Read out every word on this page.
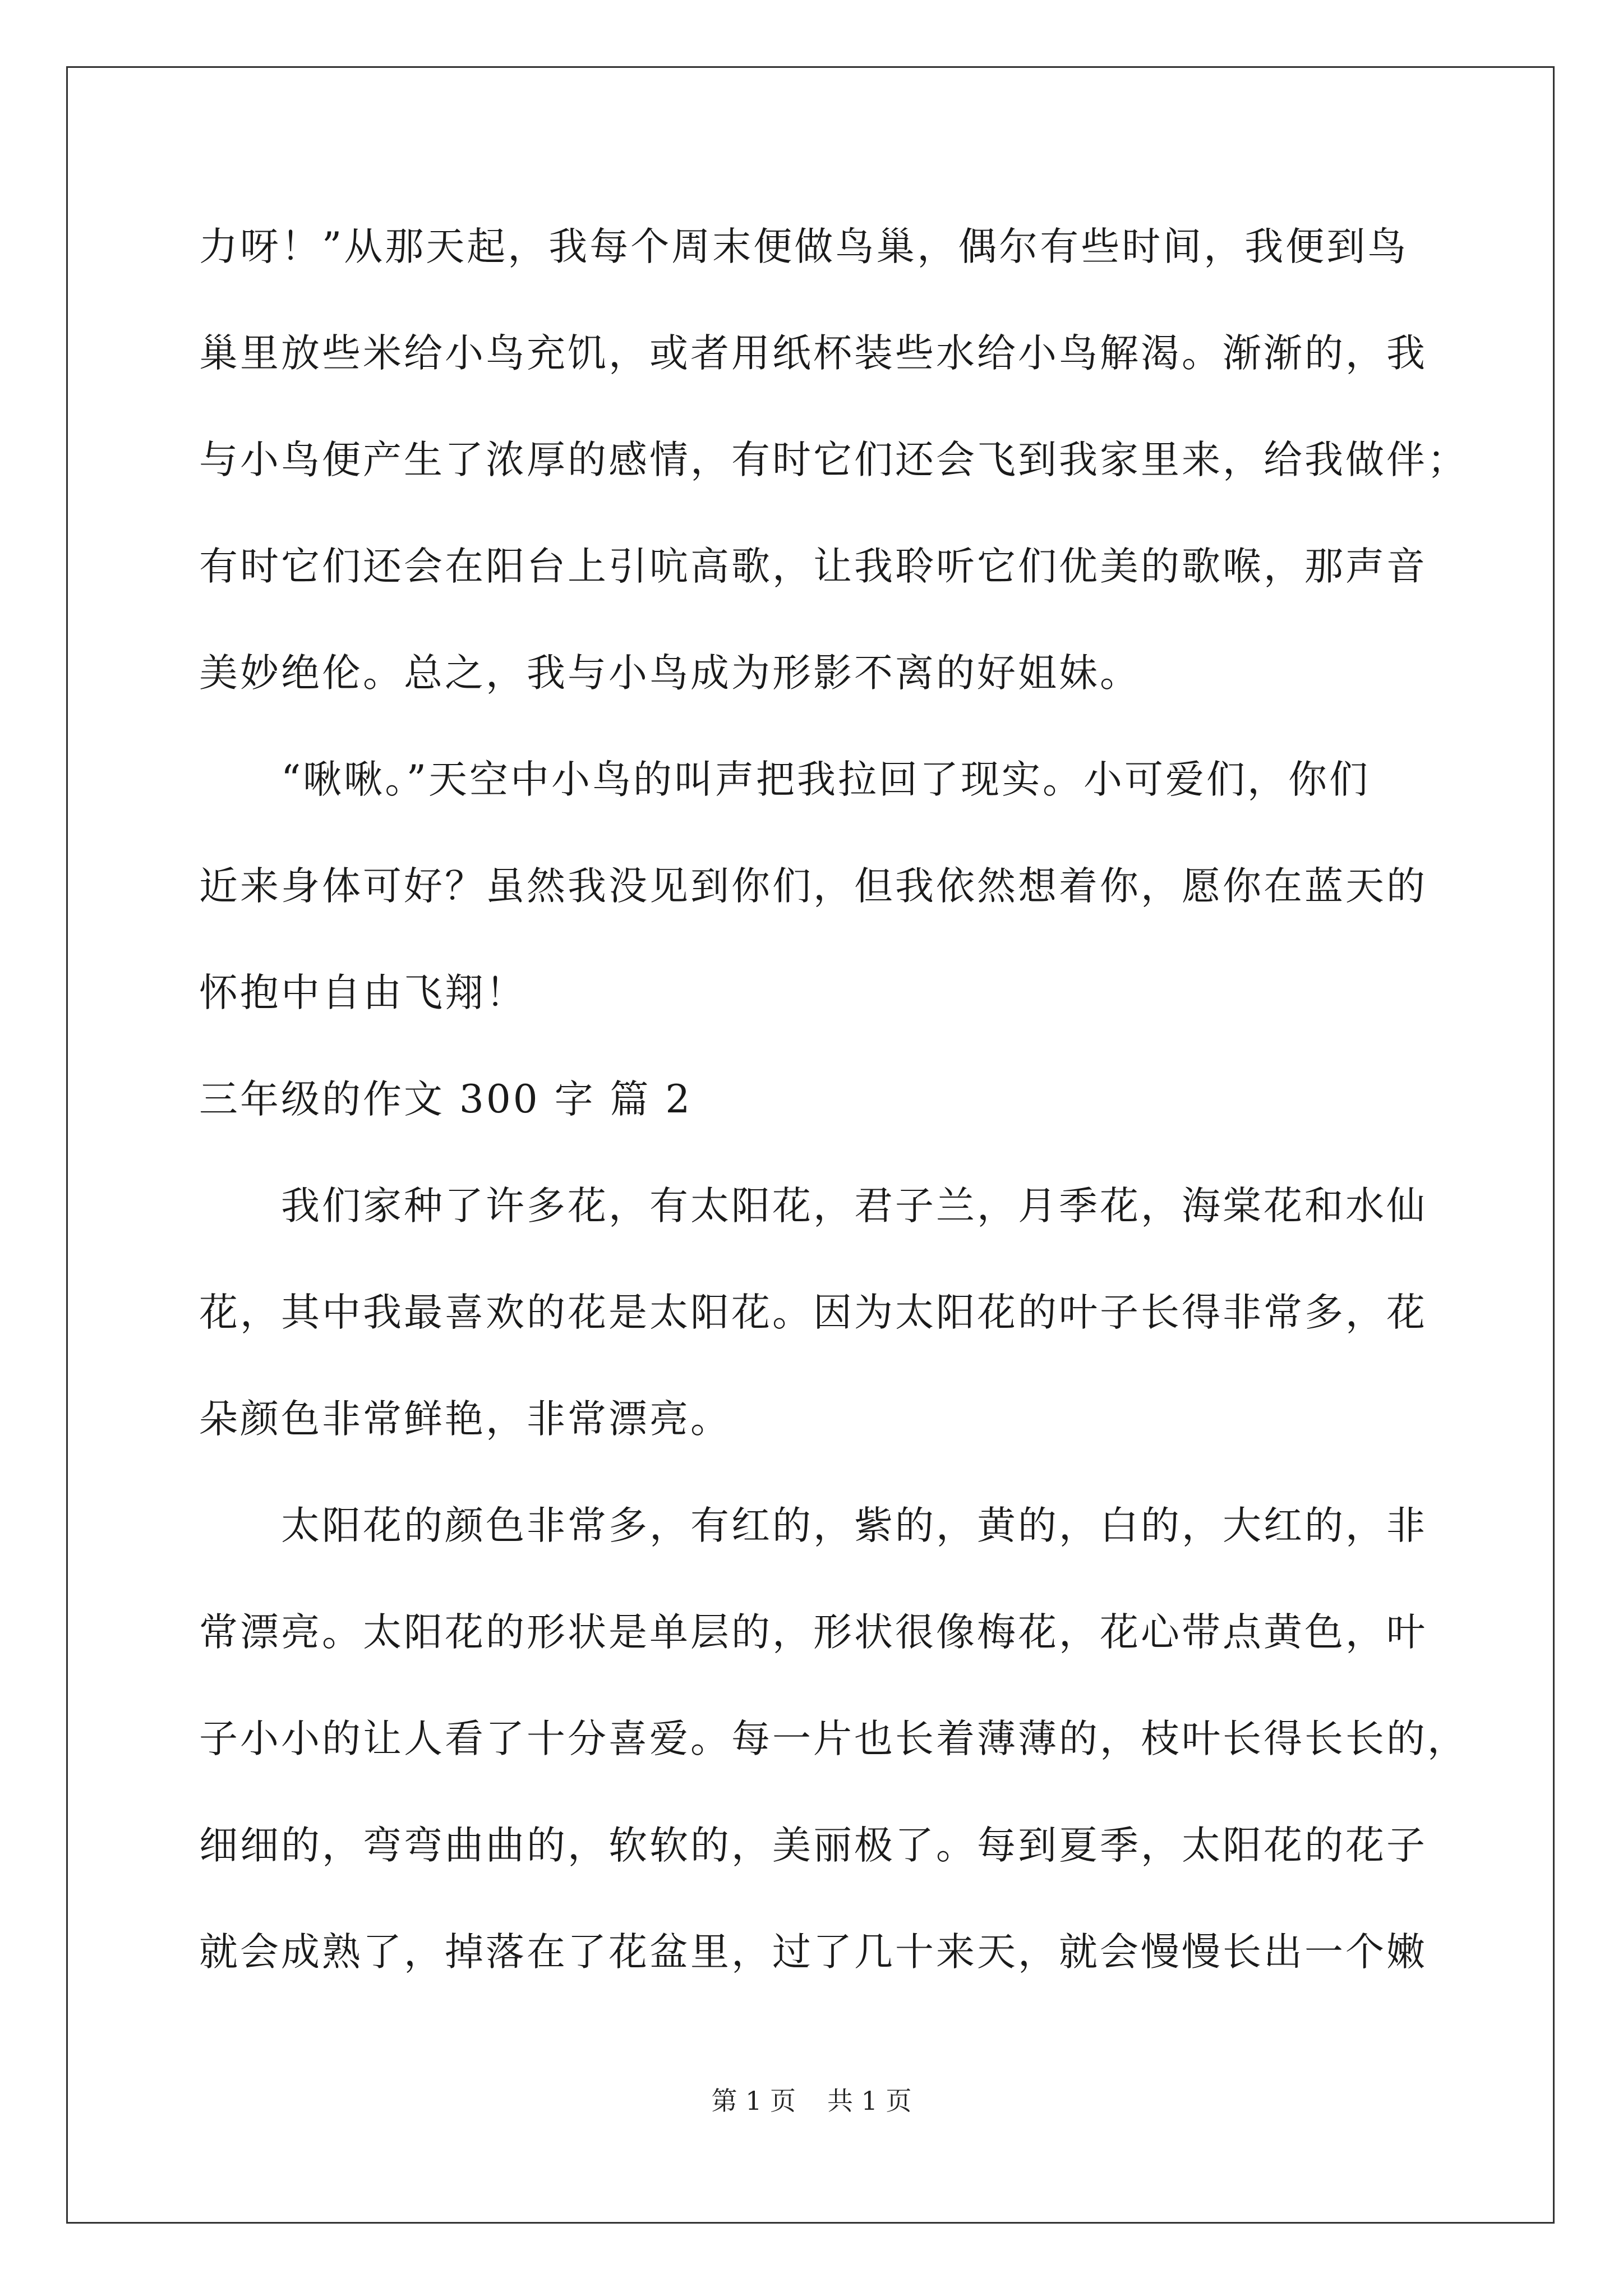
力呀！”从那天起，我每个周末便做鸟巢，偶尔有些时间，我便到鸟
巢里放些米给小鸟充饥，或者用纸杯装些水给小鸟解渴。渐渐的，我
与小鸟便产生了浓厚的感情，有时它们还会飞到我家里来，给我做伴；
有时它们还会在阳台上引吭高歌，让我聆听它们优美的歌喉，那声音
美妙绝伦。总之，我与小鸟成为形影不离的好姐妹。
　　“啾啾。”天空中小鸟的叫声把我拉回了现实。小可爱们，你们
近来身体可好？虽然我没见到你们，但我依然想着你，愿你在蓝天的
怀抱中自由飞翔！
三年级的作文 300 字 篇 2
　　我们家种了许多花，有太阳花，君子兰，月季花，海棠花和水仙
花，其中我最喜欢的花是太阳花。因为太阳花的叶子长得非常多，花
朵颜色非常鲜艳，非常漂亮。
　　太阳花的颜色非常多，有红的，紫的，黄的，白的，大红的，非
常漂亮。太阳花的形状是单层的，形状很像梅花，花心带点黄色，叶
子小小的让人看了十分喜爱。每一片也长着薄薄的，枝叶长得长长的，
细细的，弯弯曲曲的，软软的，美丽极了。每到夏季，太阳花的花子
就会成熟了，掉落在了花盆里，过了几十来天，就会慢慢长出一个嫩
第 1 页 共 1 页
